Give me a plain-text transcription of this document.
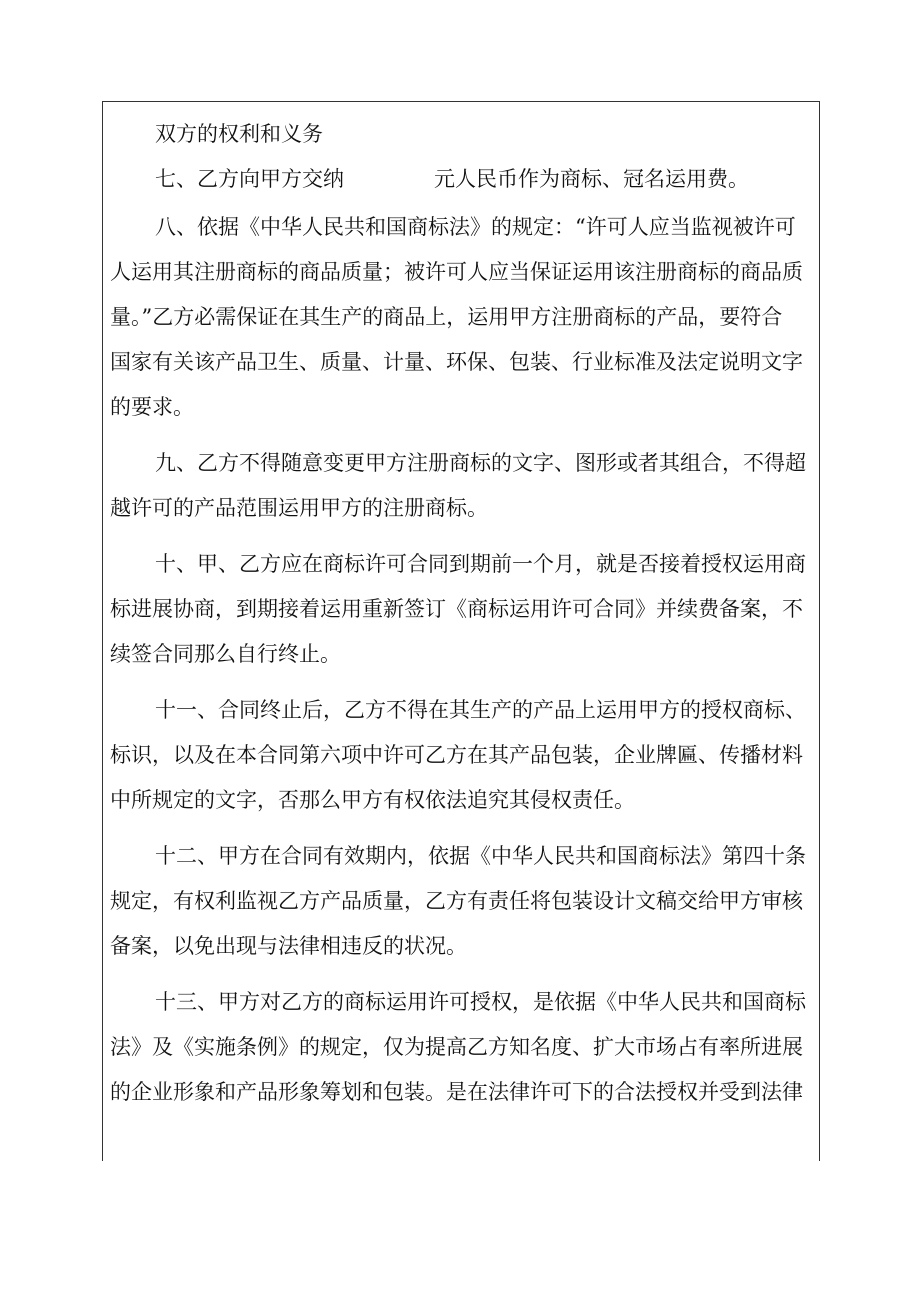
双方的权利和义务
七、乙方向甲方交纳	元人民币作为商标、冠名运用费。
八、依据《中华人民共和国商标法》的规定：“许可人应当监视被许可
人运用其注册商标的商品质量；被许可人应当保证运用该注册商标的商品质
量。”乙方必需保证在其生产的商品上，运用甲方注册商标的产品，要符合
国家有关该产品卫生、质量、计量、环保、包装、行业标准及法定说明文字
的要求。
九、乙方不得随意变更甲方注册商标的文字、图形或者其组合，不得超
越许可的产品范围运用甲方的注册商标。
十、甲、乙方应在商标许可合同到期前一个月，就是否接着授权运用商
标进展协商，到期接着运用重新签订《商标运用许可合同》并续费备案，不
续签合同那么自行终止。
十一、合同终止后，乙方不得在其生产的产品上运用甲方的授权商标、
标识，以及在本合同第六项中许可乙方在其产品包装，企业牌匾、传播材料
中所规定的文字，否那么甲方有权依法追究其侵权责任。
十二、甲方在合同有效期内，依据《中华人民共和国商标法》第四十条
规定，有权利监视乙方产品质量，乙方有责任将包装设计文稿交给甲方审核
备案，以免出现与法律相违反的状况。
十三、甲方对乙方的商标运用许可授权，是依据《中华人民共和国商标
法》及《实施条例》的规定，仅为提高乙方知名度、扩大市场占有率所进展
的企业形象和产品形象筹划和包装。是在法律许可下的合法授权并受到法律
